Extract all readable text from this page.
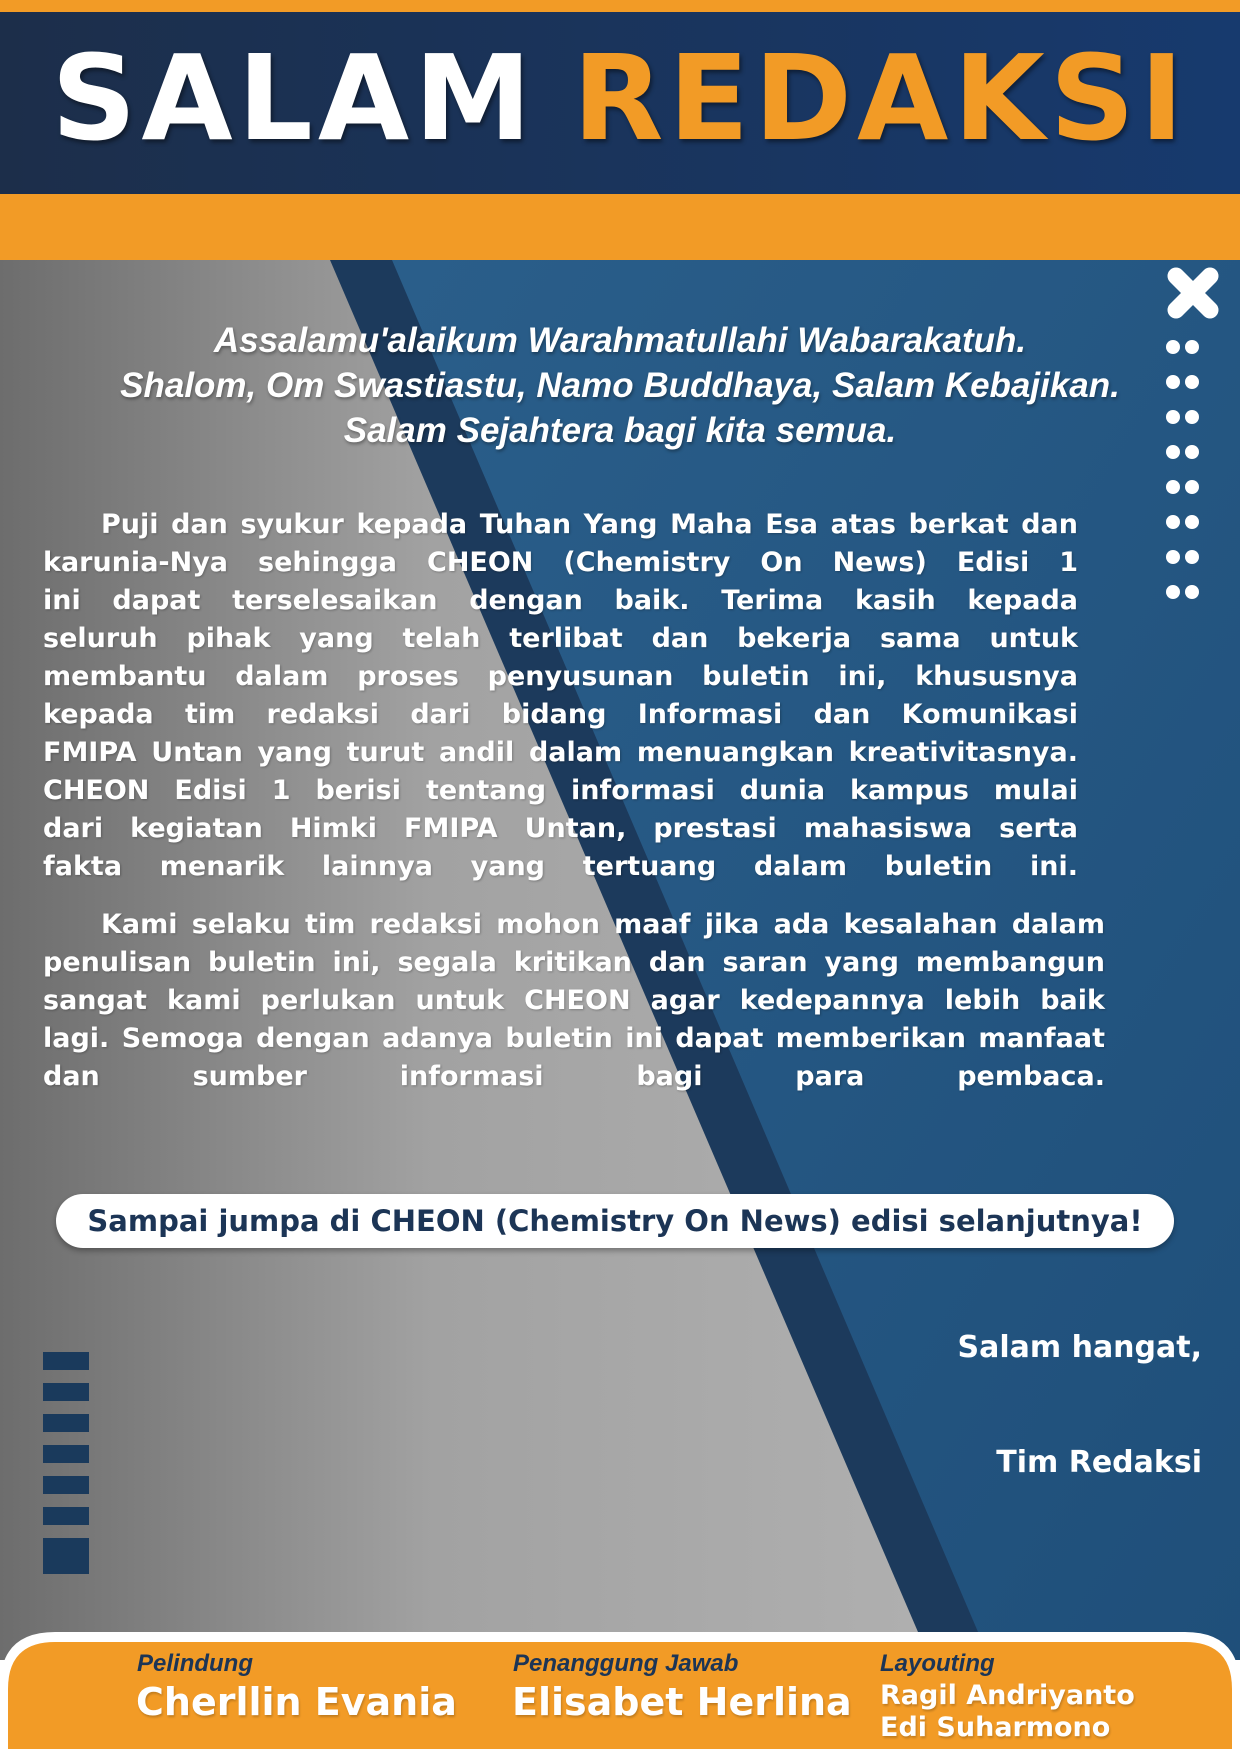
SALAM REDAKSI

Assalamu'alaikum Warahmatullahi Wabarakatuh.
Shalom, Om Swastiastu, Namo Buddhaya, Salam Kebajikan.
Salam Sejahtera bagi kita semua.
Puji dan syukur kepada Tuhan Yang Maha Esa atas berkat dan
karunia-Nya sehingga CHEON (Chemistry On News) Edisi 1
ini dapat terselesaikan dengan baik. Terima kasih kepada
seluruh pihak yang telah terlibat dan bekerja sama untuk
membantu dalam proses penyusunan buletin ini, khususnya
kepada tim redaksi dari bidang Informasi dan Komunikasi
FMIPA Untan yang turut andil dalam menuangkan kreativitasnya.
CHEON Edisi 1 berisi tentang informasi dunia kampus mulai
dari kegiatan Himki FMIPA Untan, prestasi mahasiswa serta
fakta menarik lainnya yang tertuang dalam buletin ini.
Kami selaku tim redaksi mohon maaf jika ada kesalahan dalam
penulisan buletin ini, segala kritikan dan saran yang membangun
sangat kami perlukan untuk CHEON agar kedepannya lebih baik
lagi. Semoga dengan adanya buletin ini dapat memberikan manfaat
dan sumber informasi bagi para pembaca.
Sampai jumpa di CHEON (Chemistry On News) edisi selanjutnya!
Salam hangat,
Tim Redaksi
Pelindung
Cherllin Evania
Penanggung Jawab
Elisabet Herlina
Layouting
Ragil Andriyanto
Edi Suharmono
